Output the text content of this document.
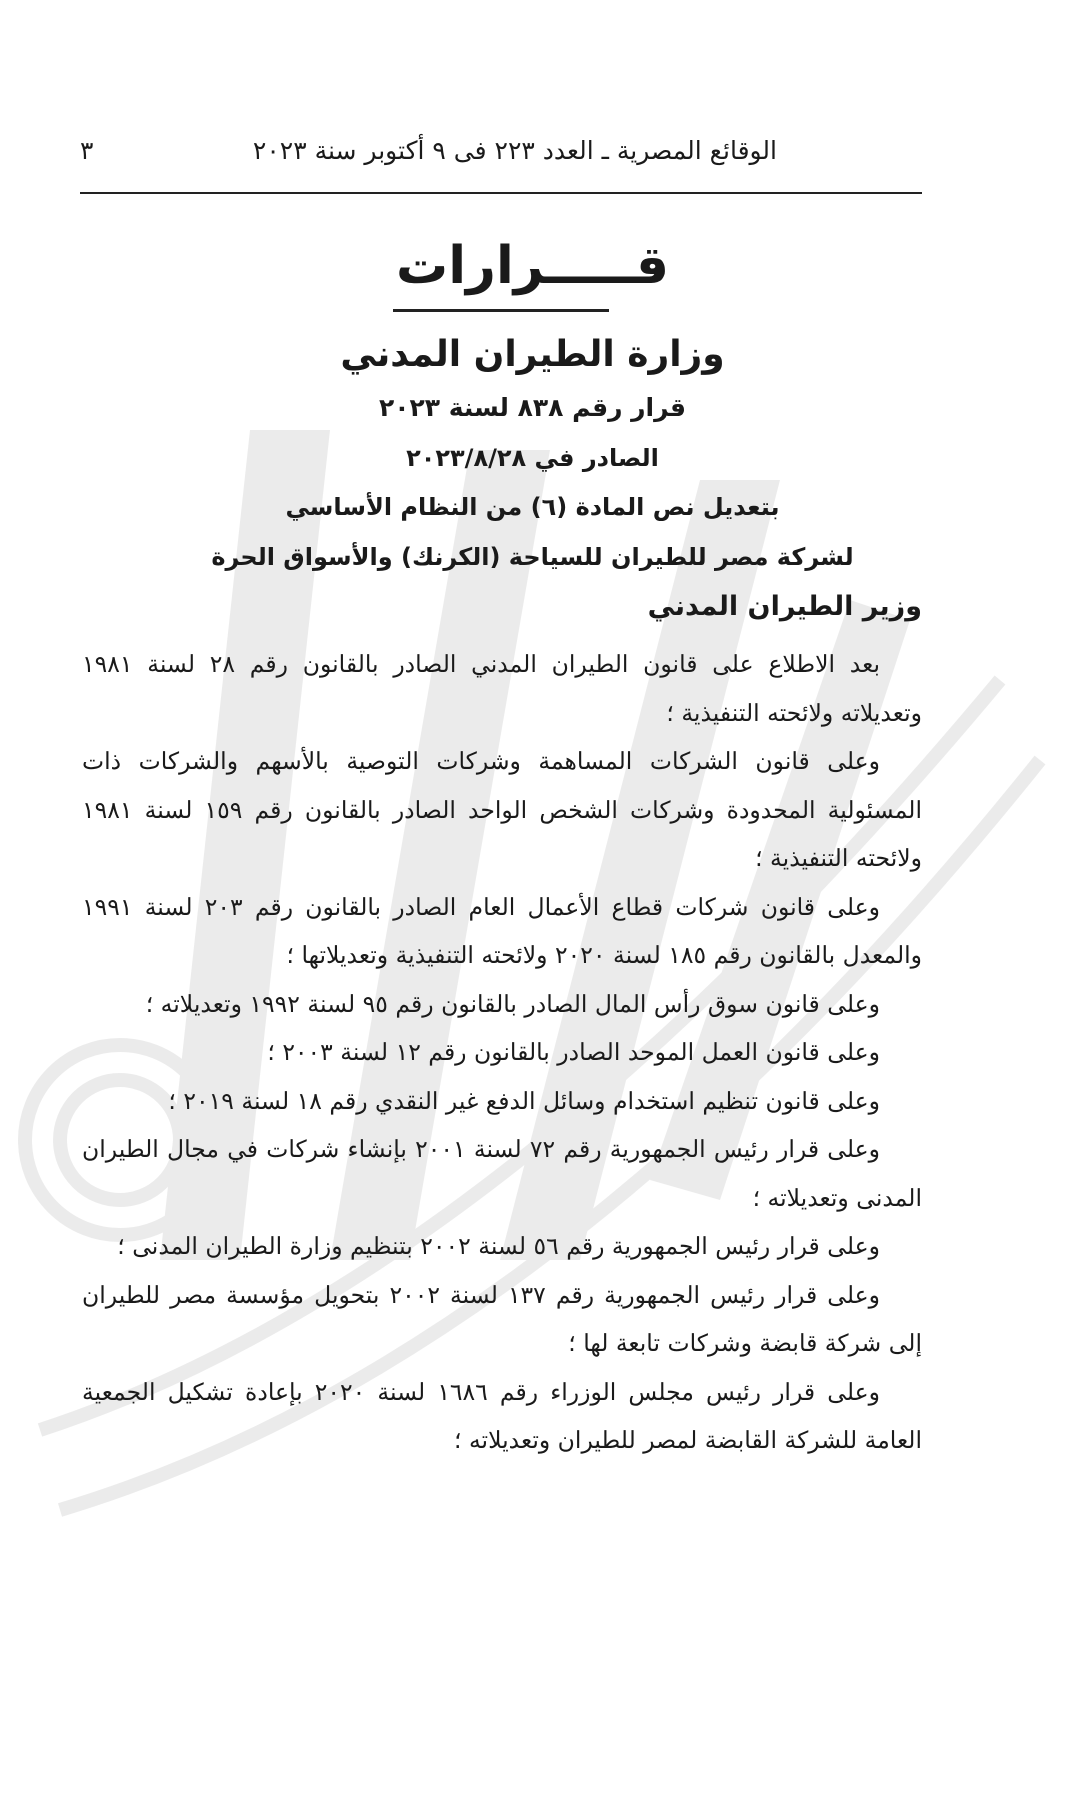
الوقائع المصرية ـ العدد ٢٢٣ فى ٩ أكتوبر سنة ٢٠٢٣
٣
قـــــرارات
وزارة الطيران المدني
قرار رقم ٨٣٨ لسنة ٢٠٢٣
الصادر في ٢٠٢٣/٨/٢٨
بتعديل نص المادة (٦) من النظام الأساسي
لشركة مصر للطيران للسياحة (الكرنك) والأسواق الحرة
وزير الطيران المدني

بعد الاطلاع على قانون الطيران المدني الصادر بالقانون رقم ٢٨ لسنة ١٩٨١ وتعديلاته ولائحته التنفيذية ؛

وعلى قانون الشركات المساهمة وشركات التوصية بالأسهم والشركات ذات المسئولية المحدودة وشركات الشخص الواحد الصادر بالقانون رقم ١٥٩ لسنة ١٩٨١ ولائحته التنفيذية ؛

وعلى قانون شركات قطاع الأعمال العام الصادر بالقانون رقم ٢٠٣ لسنة ١٩٩١ والمعدل بالقانون رقم ١٨٥ لسنة ٢٠٢٠ ولائحته التنفيذية وتعديلاتها ؛

وعلى قانون سوق رأس المال الصادر بالقانون رقم ٩٥ لسنة ١٩٩٢ وتعديلاته ؛

وعلى قانون العمل الموحد الصادر بالقانون رقم ١٢ لسنة ٢٠٠٣ ؛

وعلى قانون تنظيم استخدام وسائل الدفع غير النقدي رقم ١٨ لسنة ٢٠١٩ ؛

وعلى قرار رئيس الجمهورية رقم ٧٢ لسنة ٢٠٠١ بإنشاء شركات في مجال الطيران المدنى وتعديلاته ؛

وعلى قرار رئيس الجمهورية رقم ٥٦ لسنة ٢٠٠٢ بتنظيم وزارة الطيران المدنى ؛

وعلى قرار رئيس الجمهورية رقم ١٣٧ لسنة ٢٠٠٢ بتحويل مؤسسة مصر للطيران إلى شركة قابضة وشركات تابعة لها ؛

وعلى قرار رئيس مجلس الوزراء رقم ١٦٨٦ لسنة ٢٠٢٠ بإعادة تشكيل الجمعية العامة للشركة القابضة لمصر للطيران وتعديلاته ؛
